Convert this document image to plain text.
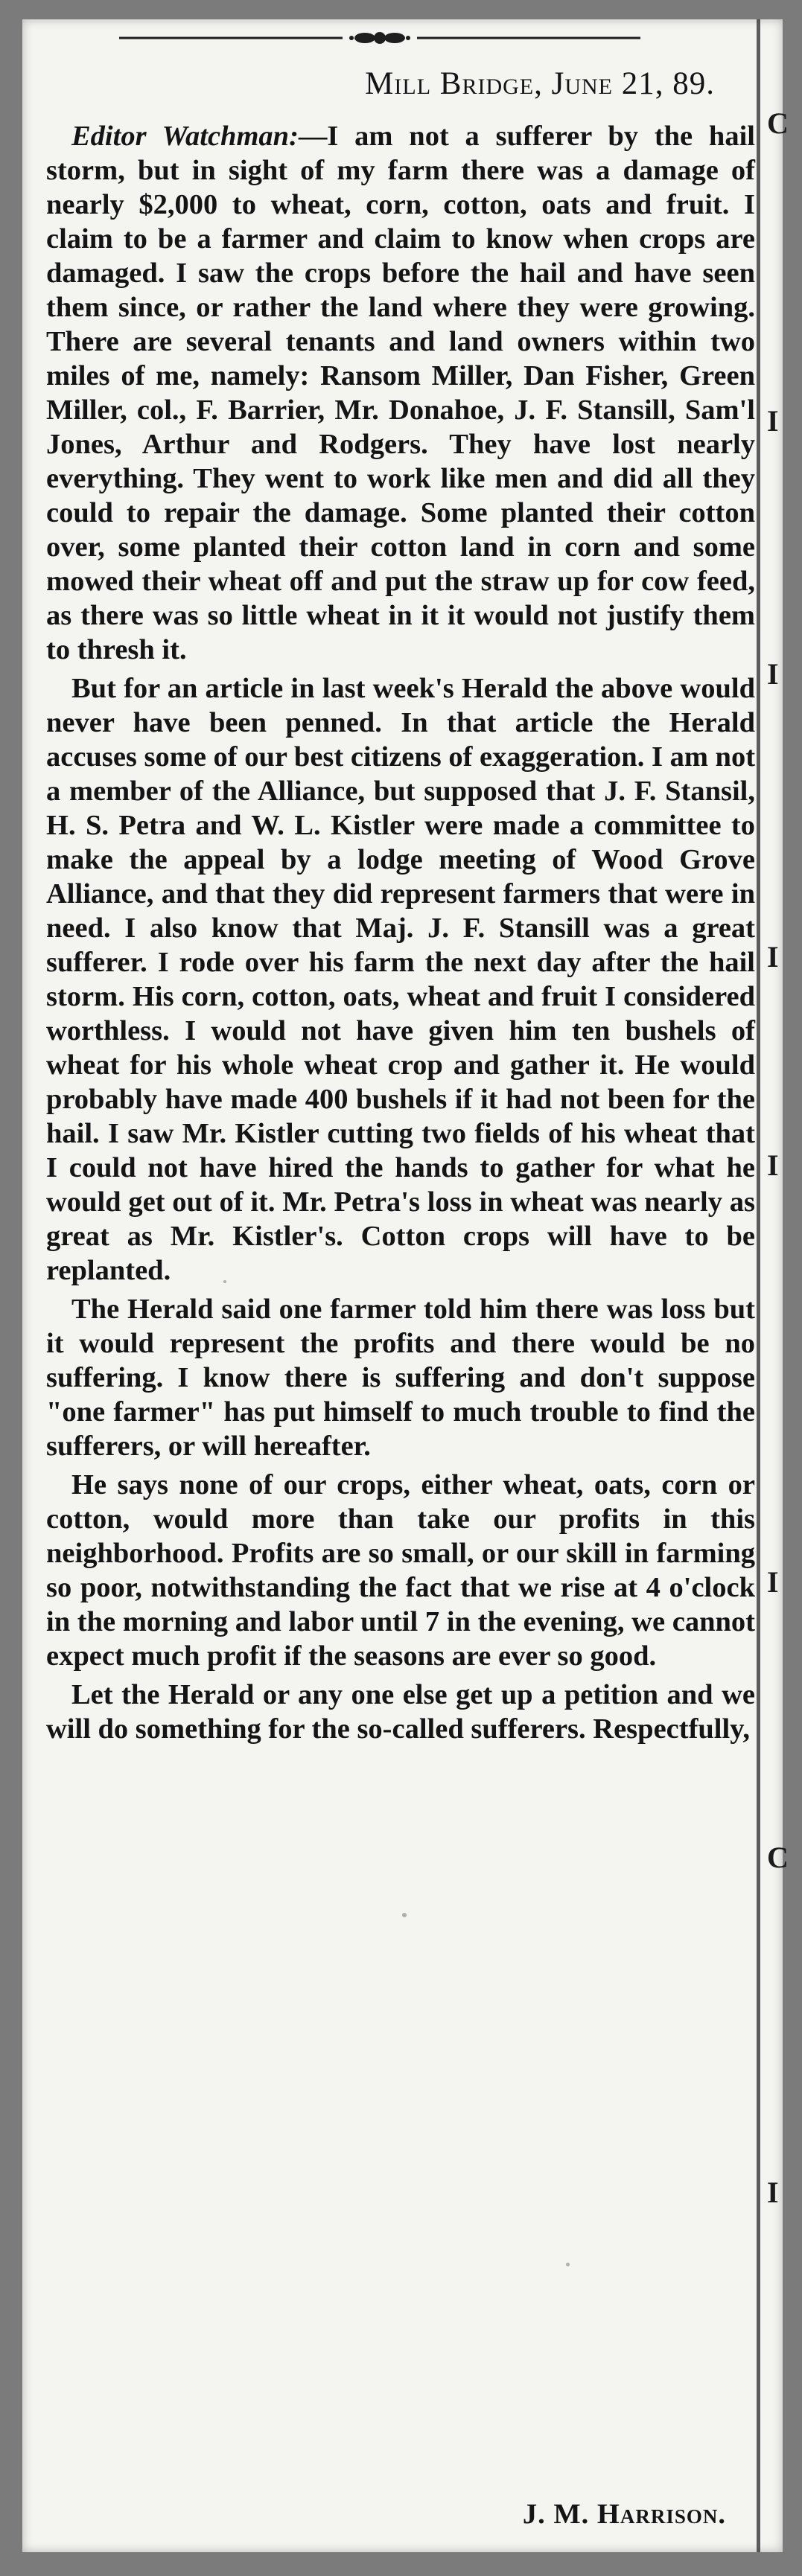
Mill Bridge, June 21, 89.

Editor Watchman:—I am not a sufferer by the hail storm, but in sight of my farm there was a damage of nearly $2,000 to wheat, corn, cotton, oats and fruit. I claim to be a farmer and claim to know when crops are damaged. I saw the crops before the hail and have seen them since, or rather the land where they were growing. There are several tenants and land owners within two miles of me, namely: Ransom Miller, Dan Fisher, Green Miller, col., F. Barrier, Mr. Donahoe, J. F. Stansill, Sam'l Jones, Arthur and Rodgers. They have lost nearly everything. They went to work like men and did all they could to repair the damage. Some planted their cotton over, some planted their cotton land in corn and some mowed their wheat off and put the straw up for cow feed, as there was so little wheat in it it would not justify them to thresh it.

But for an article in last week's Herald the above would never have been penned. In that article the Herald accuses some of our best citizens of exaggeration. I am not a member of the Alliance, but supposed that J. F. Stansil, H. S. Petra and W. L. Kistler were made a committee to make the appeal by a lodge meeting of Wood Grove Alliance, and that they did represent farmers that were in need. I also know that Maj. J. F. Stansill was a great sufferer. I rode over his farm the next day after the hail storm. His corn, cotton, oats, wheat and fruit I considered worthless. I would not have given him ten bushels of wheat for his whole wheat crop and gather it. He would probably have made 400 bushels if it had not been for the hail. I saw Mr. Kistler cutting two fields of his wheat that I could not have hired the hands to gather for what he would get out of it. Mr. Petra's loss in wheat was nearly as great as Mr. Kistler's. Cotton crops will have to be replanted.

The Herald said one farmer told him there was loss but it would represent the profits and there would be no suffering. I know there is suffering and don't suppose "one farmer" has put himself to much trouble to find the sufferers, or will hereafter.

He says none of our crops, either wheat, oats, corn or cotton, would more than take our profits in this neighborhood. Profits are so small, or our skill in farming so poor, notwithstanding the fact that we rise at 4 o'clock in the morning and labor until 7 in the evening, we cannot expect much profit if the seasons are ever so good.

Let the Herald or any one else get up a petition and we will do something for the so-called sufferers. Respectfully,

J. M. Harrison.
C
I
I
I
I
I
C
I
